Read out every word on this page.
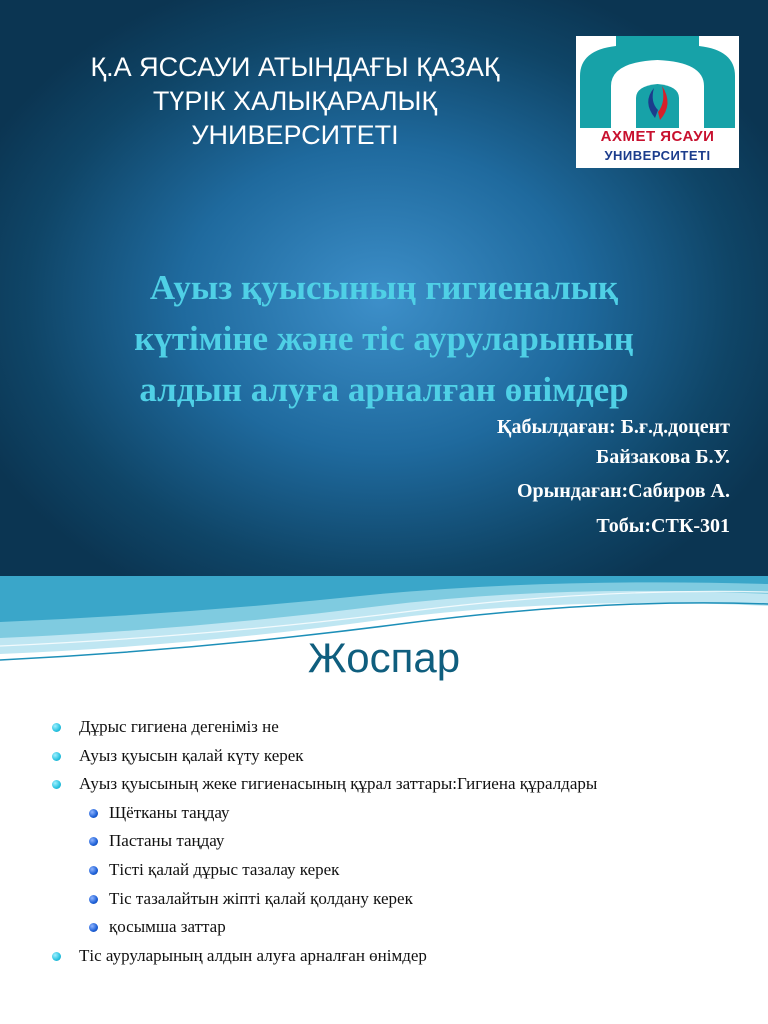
Қ.А ЯССАУИ АТЫНДАҒЫ ҚАЗАҚ
ТҮРІК ХАЛЫҚАРАЛЫҚ
УНИВЕРСИТЕТІ	АХМЕТ ЯСАУИ
УНИВЕРСИТЕТІ
Ауыз қуысының гигиеналық
күтіміне және тіс ауруларының
алдын алуға арналған өнімдер
Қабылдаған: Б.ғ.д.доцент
Байзакова Б.У.
Орындаған:Сабиров А.
Тобы:СТК-301
Жоспар
Дұрыс гигиена дегеніміз не
Ауыз қуысын қалай күту керек
Ауыз қуысының жеке гигиенасының құрал заттары:Гигиена құралдары
Щётканы таңдау
Пастаны таңдау
Тісті қалай дұрыс тазалау керек
Тіс тазалайтын жіпті қалай қолдану керек
қосымша заттар
Тіс ауруларының алдын алуға арналған өнімдер
